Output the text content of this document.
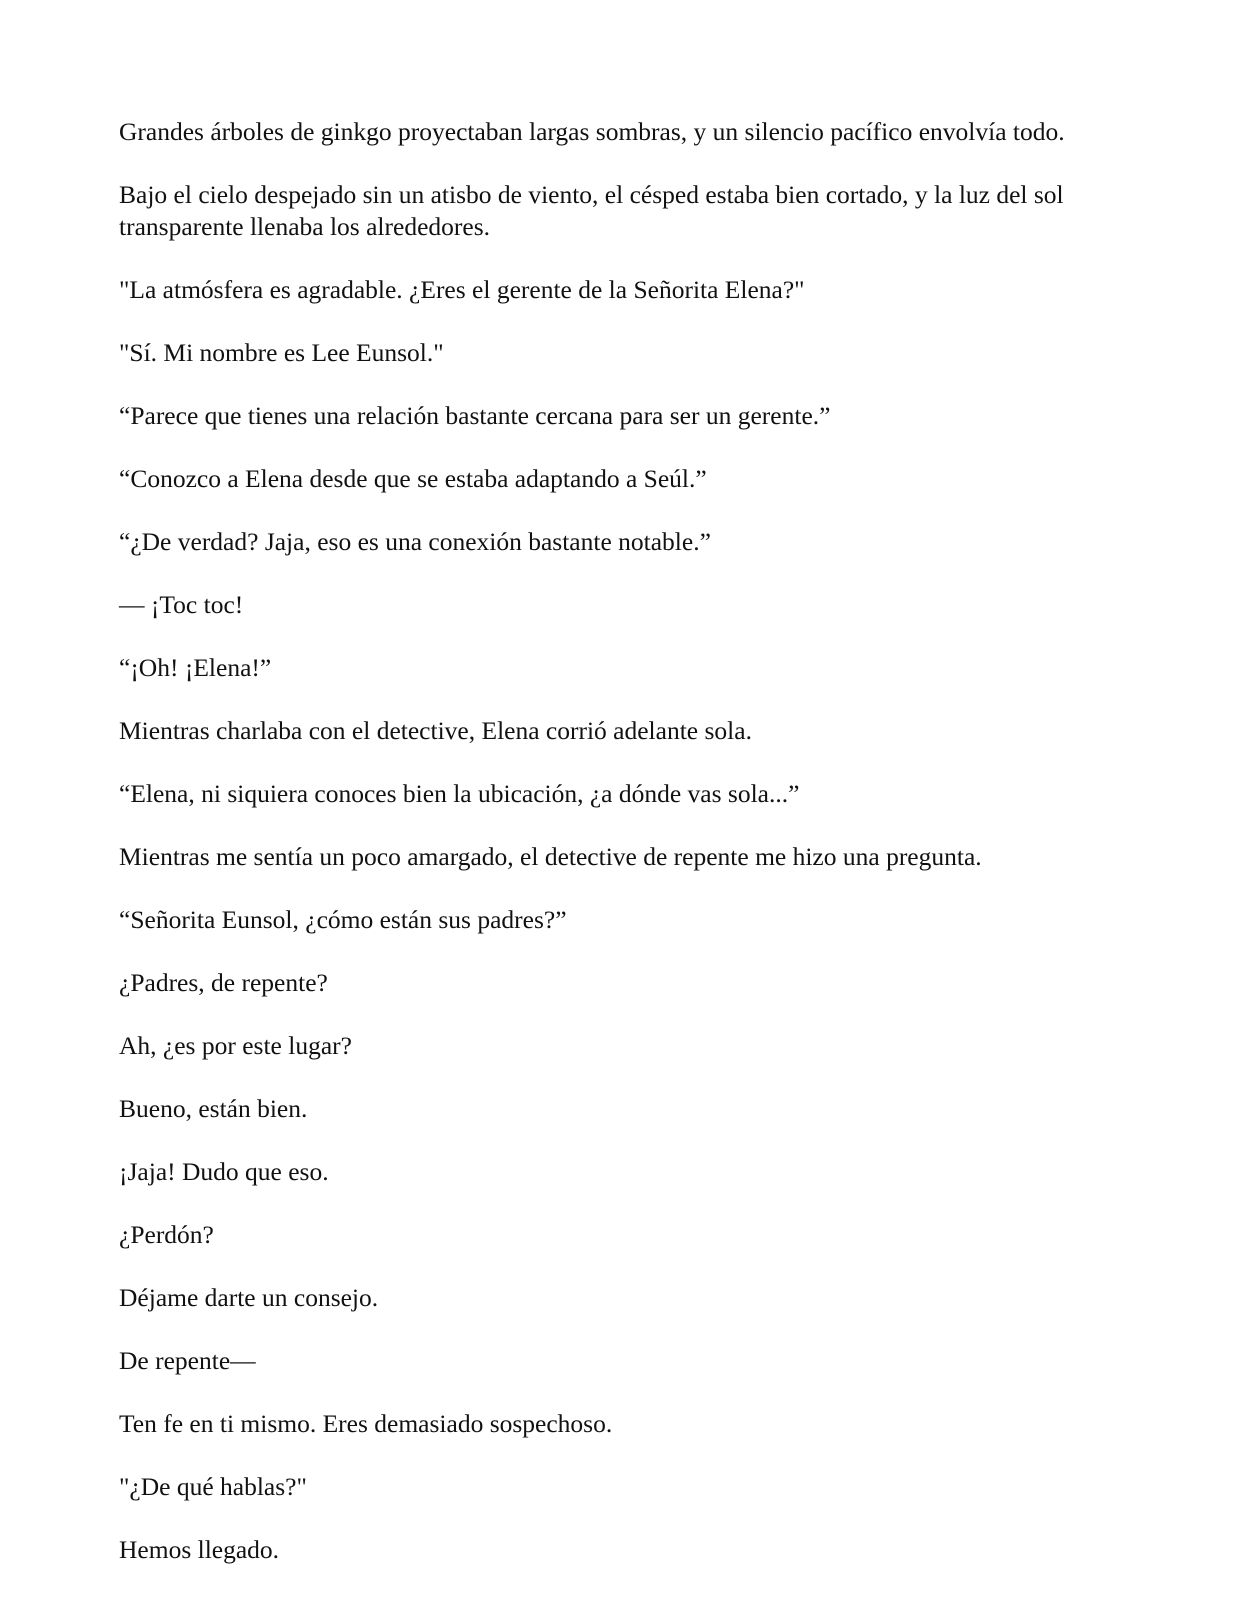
Grandes árboles de ginkgo proyectaban largas sombras, y un silencio pacífico envolvía todo.

Bajo el cielo despejado sin un atisbo de viento, el césped estaba bien cortado, y la luz del sol transparente llenaba los alrededores.

"La atmósfera es agradable. ¿Eres el gerente de la Señorita Elena?"

"Sí. Mi nombre es Lee Eunsol."

“Parece que tienes una relación bastante cercana para ser un gerente.”

“Conozco a Elena desde que se estaba adaptando a Seúl.”

“¿De verdad? Jaja, eso es una conexión bastante notable.”

— ¡Toc toc!

“¡Oh! ¡Elena!”

Mientras charlaba con el detective, Elena corrió adelante sola.

“Elena, ni siquiera conoces bien la ubicación, ¿a dónde vas sola...”

Mientras me sentía un poco amargado, el detective de repente me hizo una pregunta.

“Señorita Eunsol, ¿cómo están sus padres?”

¿Padres, de repente?

Ah, ¿es por este lugar?

Bueno, están bien.

¡Jaja! Dudo que eso.

¿Perdón?

Déjame darte un consejo.

De repente—

Ten fe en ti mismo. Eres demasiado sospechoso.

"¿De qué hablas?"

Hemos llegado.
